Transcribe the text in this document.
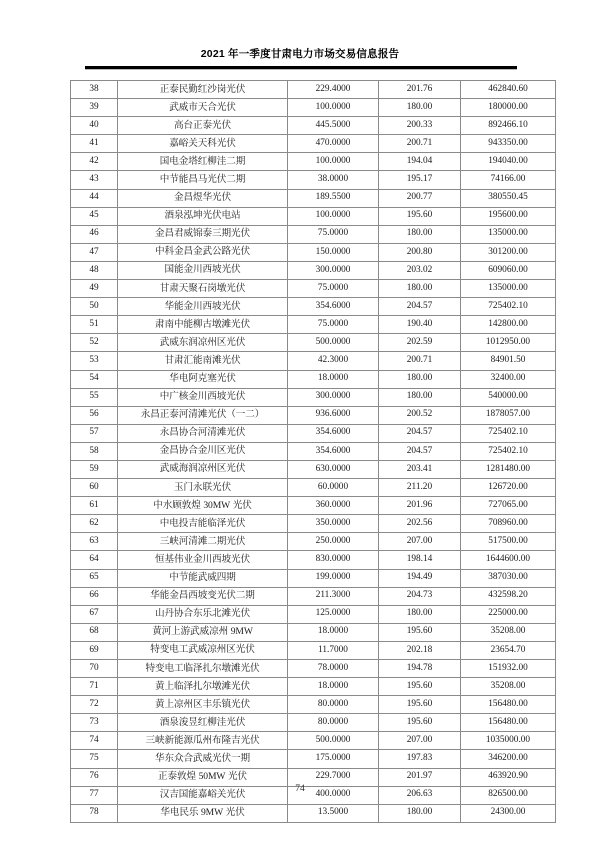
2021 年一季度甘肃电力市场交易信息报告
38	正泰民勤红沙岗光伏	229.4000	201.76	462840.60
39	武威市天合光伏	100.0000	180.00	180000.00
40	高台正泰光伏	445.5000	200.33	892466.10
41	嘉峪关天科光伏	470.0000	200.71	943350.00
42	国电金塔红柳洼二期	100.0000	194.04	194040.00
43	中节能昌马光伏二期	38.0000	195.17	74166.00
44	金昌煜华光伏	189.5500	200.77	380550.45
45	酒泉泓坤光伏电站	100.0000	195.60	195600.00
46	金昌君威锦泰三期光伏	75.0000	180.00	135000.00
47	中科金昌金武公路光伏	150.0000	200.80	301200.00
48	国能金川西坡光伏	300.0000	203.02	609060.00
49	甘肃天聚石岗墩光伏	75.0000	180.00	135000.00
50	华能金川西坡光伏	354.6000	204.57	725402.10
51	肃南中能柳古墩滩光伏	75.0000	190.40	142800.00
52	武威东润凉州区光伏	500.0000	202.59	1012950.00
53	甘肃汇能南滩光伏	42.3000	200.71	84901.50
54	华电阿克塞光伏	18.0000	180.00	32400.00
55	中广核金川西坡光伏	300.0000	180.00	540000.00
56	永昌正泰河清滩光伏（一二）	936.6000	200.52	1878057.00
57	永昌协合河清滩光伏	354.6000	204.57	725402.10
58	金昌协合金川区光伏	354.6000	204.57	725402.10
59	武威海润凉州区光伏	630.0000	203.41	1281480.00
60	玉门永联光伏	60.0000	211.20	126720.00
61	中水顾敦煌 30MW 光伏	360.0000	201.96	727065.00
62	中电投吉能临泽光伏	350.0000	202.56	708960.00
63	三峡河清滩二期光伏	250.0000	207.00	517500.00
64	恒基伟业金川西坡光伏	830.0000	198.14	1644600.00
65	中节能武威四期	199.0000	194.49	387030.00
66	华能金昌西坡变光伏二期	211.3000	204.73	432598.20
67	山丹协合东乐北滩光伏	125.0000	180.00	225000.00
68	黄河上游武威凉州 9MW	18.0000	195.60	35208.00
69	特变电工武威凉州区光伏	11.7000	202.18	23654.70
70	特变电工临泽扎尔墩滩光伏	78.0000	194.78	151932.00
71	黄上临泽扎尔墩滩光伏	18.0000	195.60	35208.00
72	黄上凉州区丰乐镇光伏	80.0000	195.60	156480.00
73	酒泉浚昱红柳洼光伏	80.0000	195.60	156480.00
74	三峡新能源瓜州布隆吉光伏	500.0000	207.00	1035000.00
75	华东众合武威光伏一期	175.0000	197.83	346200.00
76	正泰敦煌 50MW 光伏	229.7000	201.97	463920.90
77	汉吉国能嘉峪关光伏	400.0000	206.63	826500.00
78	华电民乐 9MW 光伏	13.5000	180.00	24300.00
74
